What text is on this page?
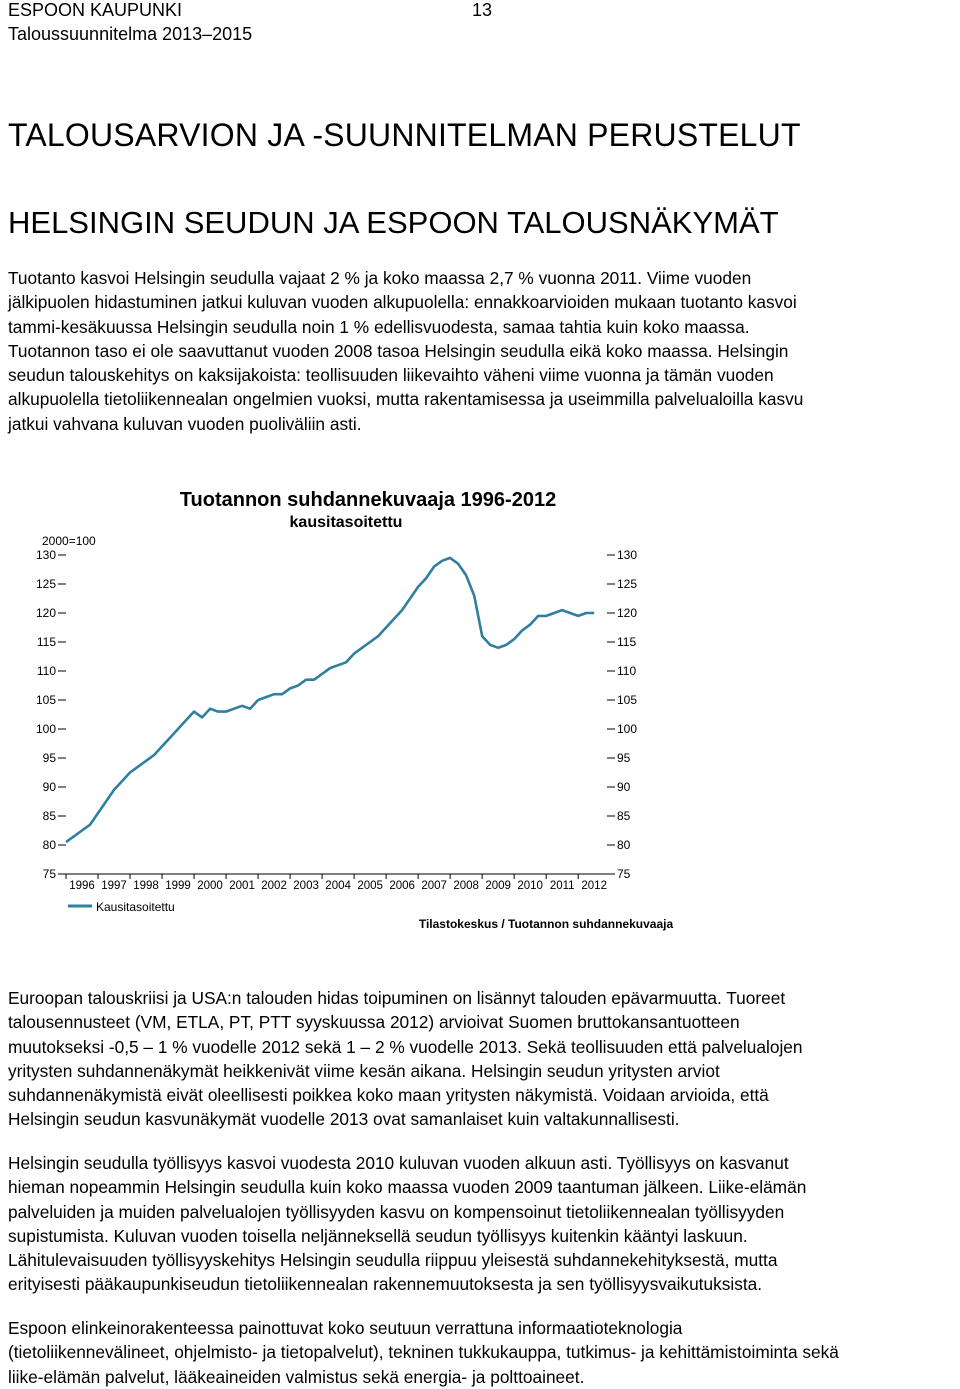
ESPOON KAUPUNKI	13
Taloussuunnitelma 2013–2015
TALOUSARVION JA -SUUNNITELMAN PERUSTELUT
HELSINGIN SEUDUN JA ESPOON TALOUSNÄKYMÄT

Tuotanto kasvoi Helsingin seudulla vajaat 2 % ja koko maassa 2,7 % vuonna 2011. Viime vuoden
jälkipuolen hidastuminen jatkui kuluvan vuoden alkupuolella: ennakkoarvioiden mukaan tuotanto kasvoi
tammi-kesäkuussa Helsingin seudulla noin 1 % edellisvuodesta, samaa tahtia kuin koko maassa.
Tuotannon taso ei ole saavuttanut vuoden 2008 tasoa Helsingin seudulla eikä koko maassa. Helsingin
seudun talouskehitys on kaksijakoista: teollisuuden liikevaihto väheni viime vuonna ja tämän vuoden
alkupuolella tietoliikennealan ongelmien vuoksi, mutta rakentamisessa ja useimmilla palvelualoilla kasvu
jatkui vahvana kuluvan vuoden puoliväliin asti.

Tuotannon suhdannekuvaaja 1996-2012
kausitasoitettu
2000=100
130
125
120
115
110
105
100
95
90
85
80
75
130
125
120
115
110
105
100
95
90
85
80
75
1996 1997 1998 1999 2000 2001 2002 2003 2004 2005 2006 2007 2008 2009 2010 2011 2012
Kausitasoitettu
Tilastokeskus / Tuotannon suhdannekuvaaja

Euroopan talouskriisi ja USA:n talouden hidas toipuminen on lisännyt talouden epävarmuutta. Tuoreet
talousennusteet (VM, ETLA, PT, PTT syyskuussa 2012) arvioivat Suomen bruttokansantuotteen
muutokseksi -0,5 – 1 % vuodelle 2012 sekä 1 – 2 % vuodelle 2013. Sekä teollisuuden että palvelualojen
yritysten suhdannenäkymät heikkenivät viime kesän aikana. Helsingin seudun yritysten arviot
suhdannenäkymistä eivät oleellisesti poikkea koko maan yritysten näkymistä. Voidaan arvioida, että
Helsingin seudun kasvunäkymät vuodelle 2013 ovat samanlaiset kuin valtakunnallisesti.

Helsingin seudulla työllisyys kasvoi vuodesta 2010 kuluvan vuoden alkuun asti. Työllisyys on kasvanut
hieman nopeammin Helsingin seudulla kuin koko maassa vuoden 2009 taantuman jälkeen. Liike-elämän
palveluiden ja muiden palvelualojen työllisyyden kasvu on kompensoinut tietoliikennealan työllisyyden
supistumista. Kuluvan vuoden toisella neljänneksellä seudun työllisyys kuitenkin kääntyi laskuun.
Lähitulevaisuuden työllisyyskehitys Helsingin seudulla riippuu yleisestä suhdannekehityksestä, mutta
erityisesti pääkaupunkiseudun tietoliikennealan rakennemuutoksesta ja sen työllisyysvaikutuksista.

Espoon elinkeinorakenteessa painottuvat koko seutuun verrattuna informaatioteknologia
(tietoliikennevälineet, ohjelmisto- ja tietopalvelut), tekninen tukkukauppa, tutkimus- ja kehittämistoiminta sekä
liike-elämän palvelut, lääkeaineiden valmistus sekä energia- ja polttoaineet.
